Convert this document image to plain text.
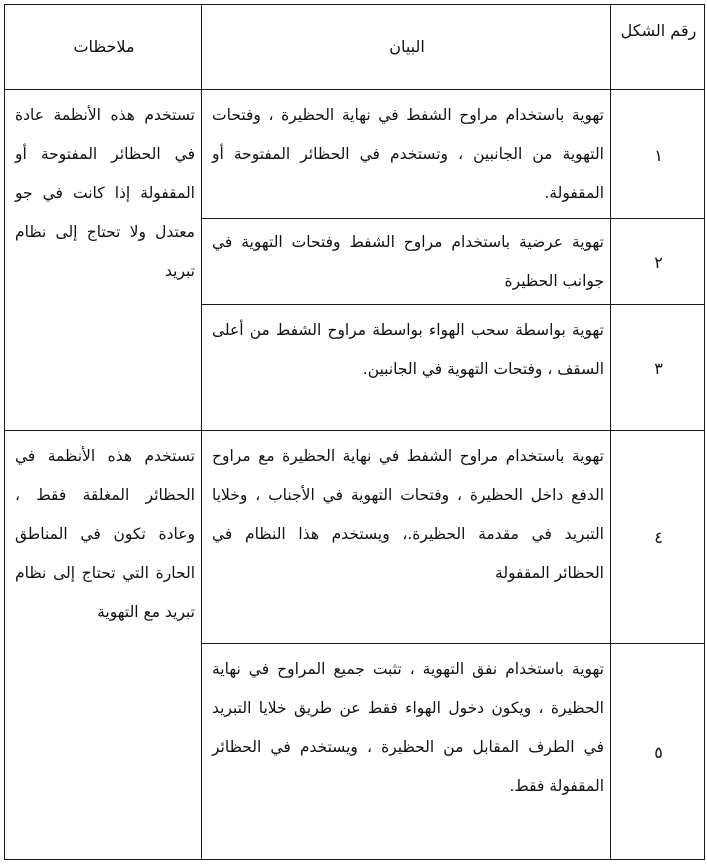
رقم الشكل
البيان
ملاحظات
١
تهوية باستخدام مراوح الشفط في نهاية الحظيرة ، وفتحات التهوية من الجانبين ، وتستخدم في الحظائر المفتوحة أو المقفولة.
٢
تهوية عرضية باستخدام مراوح الشفط وفتحات التهوية في جوانب الحظيرة
٣
تهوية بواسطة سحب الهواء بواسطة مراوح الشفط من أعلى السقف ، وفتحات التهوية في الجانبين.
تستخدم هذه الأنظمة عادة في الحظائر المفتوحة أو المقفولة إذا كانت في جو معتدل ولا تحتاج إلى نظام تبريد
٤
تهوية باستخدام مراوح الشفط في نهاية الحظيرة مع مراوح الدفع داخل الحظيرة ، وفتحات التهوية في الأجناب ، وخلايا التبريد في مقدمة الحظيرة.، ويستخدم هذا النظام في الحظائر المقفولة
٥
تهوية باستخدام نفق التهوية ، تثبت جميع المراوح في نهاية الحظيرة ، ويكون دخول الهواء فقط عن طريق خلايا التبريد في الطرف المقابل من الحظيرة ، ويستخدم في الحظائر المقفولة فقط.
تستخدم هذه الأنظمة في الحظائر المغلقة فقط ، وعادة تكون في المناطق الحارة التي تحتاج إلى نظام تبريد مع التهوية
